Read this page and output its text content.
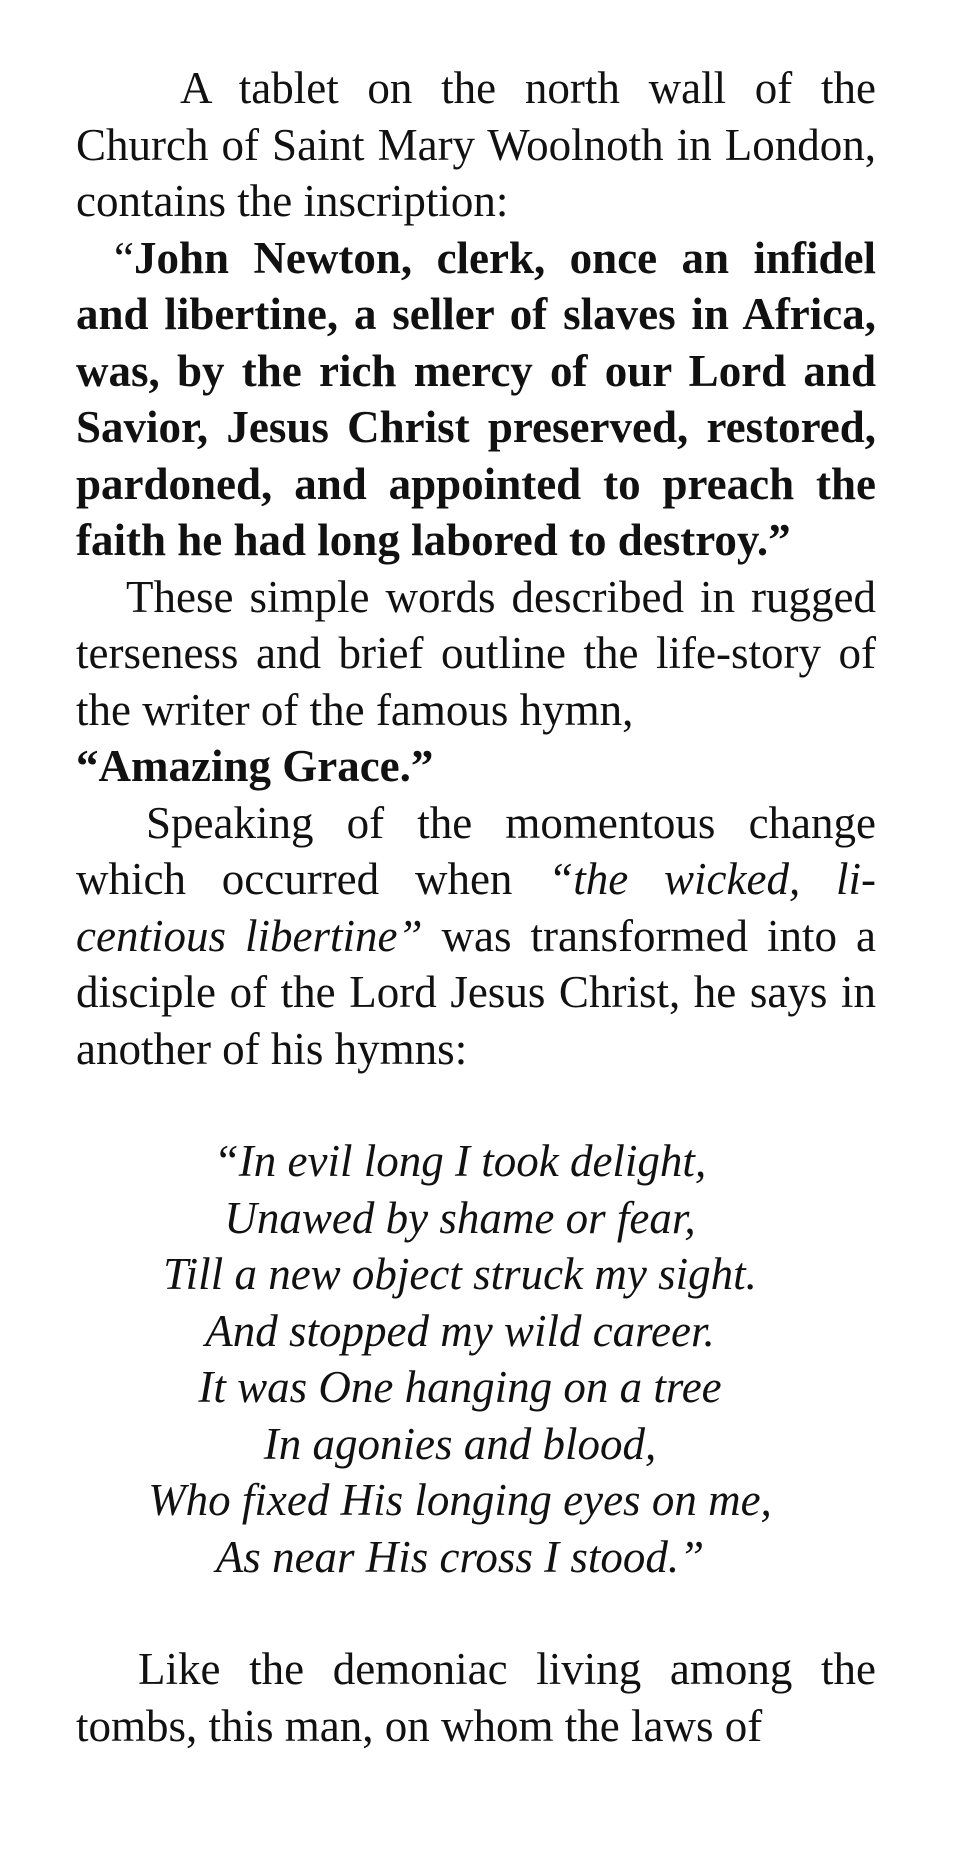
A tablet on the north wall of the Church of Saint Mary Woolnoth in London, contains the inscription:

“John Newton, clerk, once an infidel and libertine, a seller of slaves in Africa, was, by the rich mercy of our Lord and Savior, Jesus Christ preserved, restored, pardoned, and appointed to preach the faith he had long labored to destroy.”

These simple words described in rugged terseness and brief outline the life-story of the writer of the famous hymn,
“Amazing Grace.”

Speaking of the momentous change which occurred when “the wicked, licentious libertine” was transformed into a disciple of the Lord Jesus Christ, he says in another of his hymns:

“In evil long I took delight,
Unawed by shame or fear,
Till a new object struck my sight.
And stopped my wild career.
It was One hanging on a tree
In agonies and blood,
Who fixed His longing eyes on me,
As near His cross I stood.”

Like the demoniac living among the tombs, this man, on whom the laws of
